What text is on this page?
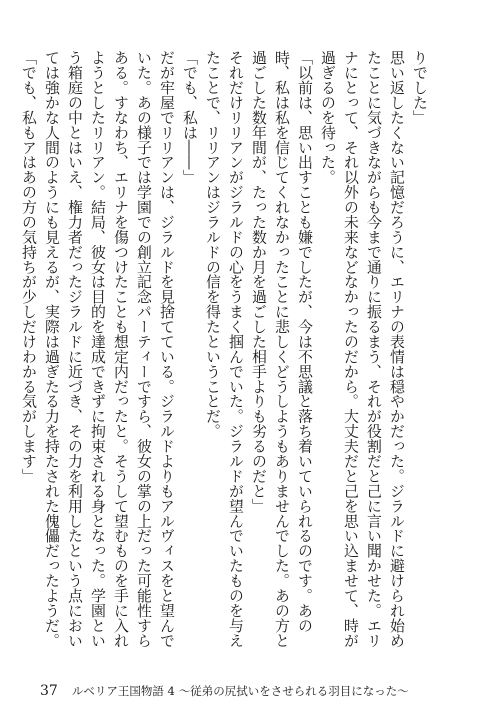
りでした」

思い返したくない記憶だろうに、エリナの表情は穏やかだった。ジラルドに避けられ始めたことに気づきながらも今まで通りに振るまう、それが役割だと己に言い聞かせた。エリナにとって、それ以外の未来などなかったのだから。大丈夫だと己を思い込ませて、時が過ぎるのを待った。

「以前は、思い出すことも嫌でしたが、今は不思議と落ち着いていられるのです。あの時、私は私を信じてくれなかったことに悲しくどうしようもありませんでした。あの方と過ごした数年間が、たった数か月を過ごした相手よりも劣るのだと」

それだけリリアンがジラルドの心をうまく掴んでいた。ジラルドが望んでいたものを与えたことで、リリアンはジラルドの信を得たということだ。

「でも、私は――」

だが牢屋でリリアンは、ジラルドを見捨てている。ジラルドよりもアルヴィスをと望んでいた。あの様子では学園での創立記念パーティーですら、彼女の掌の上だった可能性すらある。すなわち、エリナを傷つけたことも想定内だったと。そうして望むものを手に入れようとしたリリアン。結局、彼女は目的を達成できずに拘束される身となった。学園という箱庭の中とはいえ、権力者だったジラルドに近づき、その力を利用したという点においては強かな人間のようにも見えるが、実際は過ぎたる力を持たされた傀儡だったようだ。

「でも、私もアはあの方の気持ちが少しだけわかる気がします」

37 ルベリア王国物語 4 〜従弟の尻拭いをさせられる羽目になった〜
